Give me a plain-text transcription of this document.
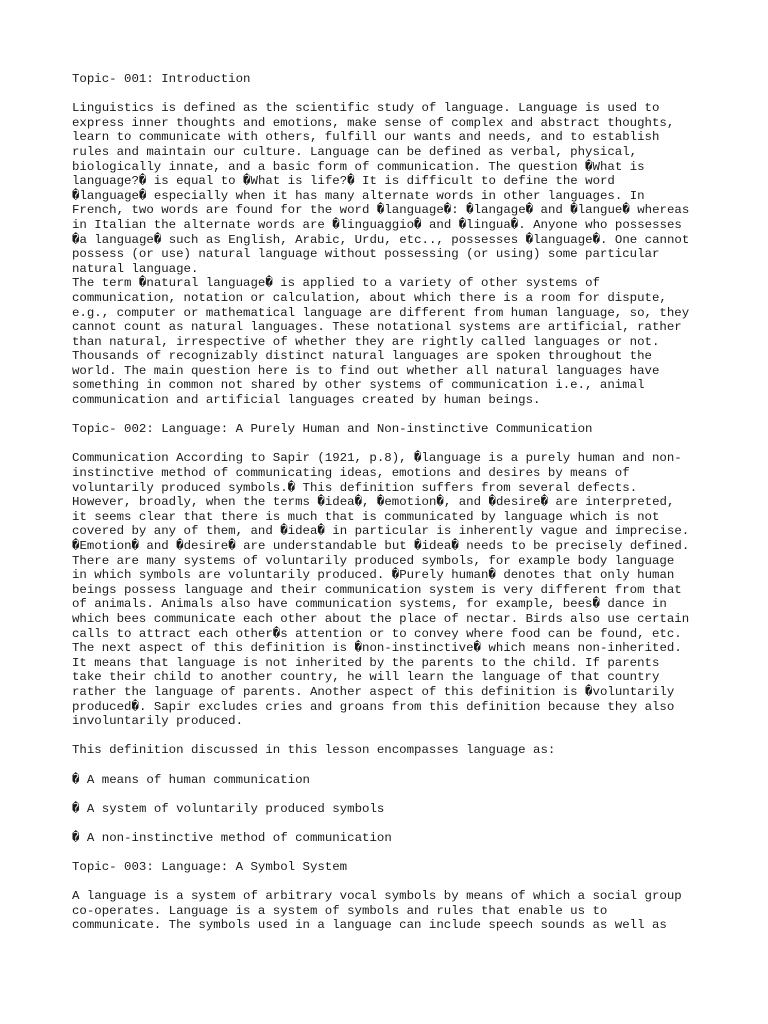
Topic- 001: Introduction
Linguistics is defined as the scientific study of language. Language is used to
express inner thoughts and emotions, make sense of complex and abstract thoughts,
learn to communicate with others, fulfill our wants and needs, and to establish
rules and maintain our culture. Language can be defined as verbal, physical,
biologically innate, and a basic form of communication. The question �What is
language?� is equal to �What is life?� It is difficult to define the word
�language� especially when it has many alternate words in other languages. In
French, two words are found for the word �language�: �langage� and �langue� whereas
in Italian the alternate words are �linguaggio� and �lingua�. Anyone who possesses
�a language� such as English, Arabic, Urdu, etc.., possesses �language�. One cannot
possess (or use) natural language without possessing (or using) some particular
natural language.
The term �natural language� is applied to a variety of other systems of
communication, notation or calculation, about which there is a room for dispute,
e.g., computer or mathematical language are different from human language, so, they
cannot count as natural languages. These notational systems are artificial, rather
than natural, irrespective of whether they are rightly called languages or not.
Thousands of recognizably distinct natural languages are spoken throughout the
world. The main question here is to find out whether all natural languages have
something in common not shared by other systems of communication i.e., animal
communication and artificial languages created by human beings.
Topic- 002: Language: A Purely Human and Non-instinctive Communication
Communication According to Sapir (1921, p.8), �language is a purely human and non-
instinctive method of communicating ideas, emotions and desires by means of
voluntarily produced symbols.� This definition suffers from several defects.
However, broadly, when the terms �idea�, �emotion�, and �desire� are interpreted,
it seems clear that there is much that is communicated by language which is not
covered by any of them, and �idea� in particular is inherently vague and imprecise.
�Emotion� and �desire� are understandable but �idea� needs to be precisely defined.
There are many systems of voluntarily produced symbols, for example body language
in which symbols are voluntarily produced. �Purely human� denotes that only human
beings possess language and their communication system is very different from that
of animals. Animals also have communication systems, for example, bees� dance in
which bees communicate each other about the place of nectar. Birds also use certain
calls to attract each other�s attention or to convey where food can be found, etc.
The next aspect of this definition is �non-instinctive� which means non-inherited.
It means that language is not inherited by the parents to the child. If parents
take their child to another country, he will learn the language of that country
rather the language of parents. Another aspect of this definition is �voluntarily
produced�. Sapir excludes cries and groans from this definition because they also
involuntarily produced.
This definition discussed in this lesson encompasses language as:
� A means of human communication
� A system of voluntarily produced symbols
� A non-instinctive method of communication
Topic- 003: Language: A Symbol System
A language is a system of arbitrary vocal symbols by means of which a social group
co-operates. Language is a system of symbols and rules that enable us to
communicate. The symbols used in a language can include speech sounds as well as
